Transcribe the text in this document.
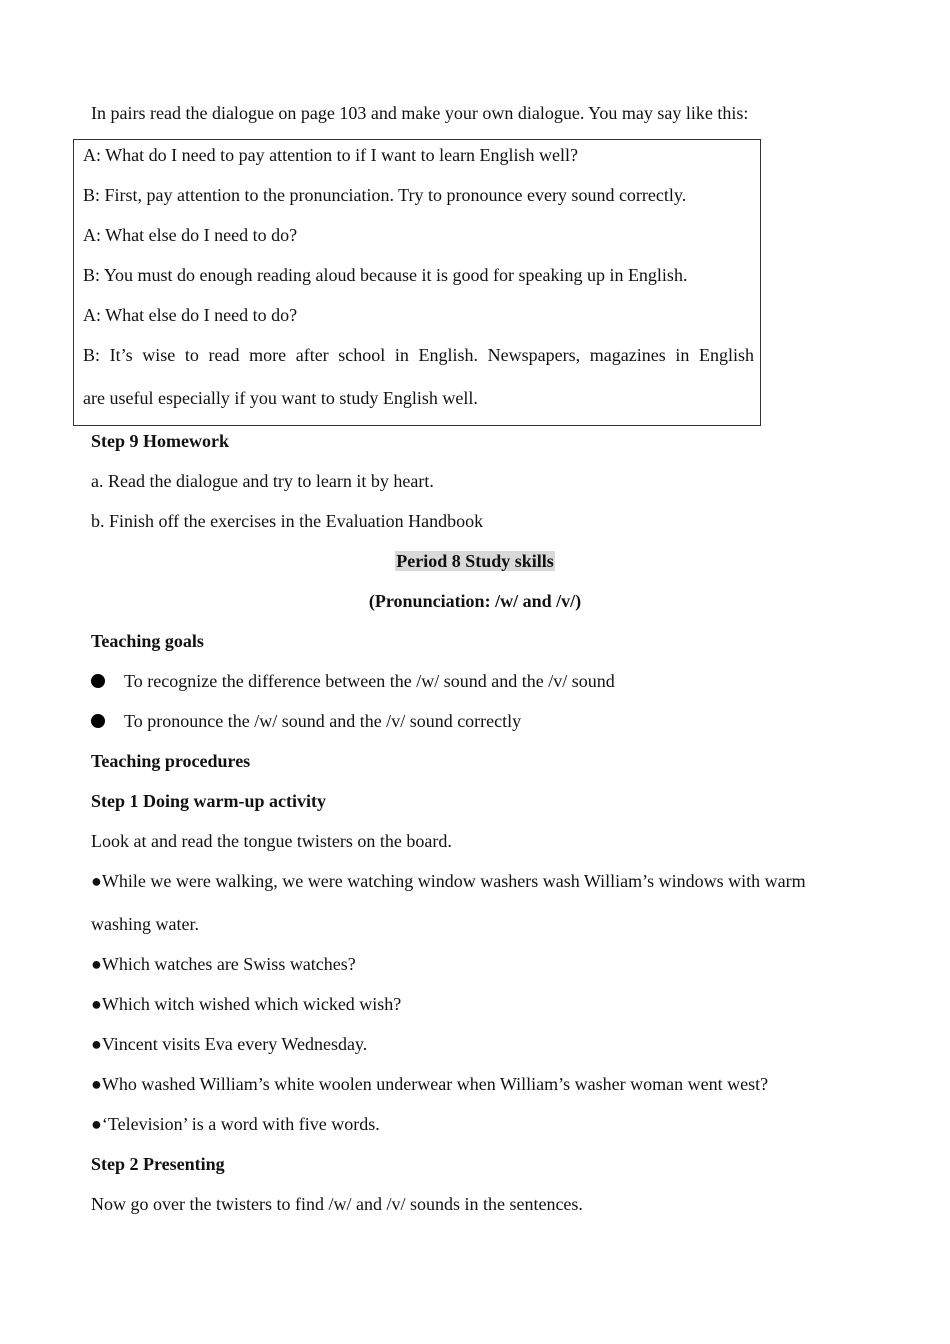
In pairs read the dialogue on page 103 and make your own dialogue. You may say like this:
A: What do I need to pay attention to if I want to learn English well?
B: First, pay attention to the pronunciation. Try to pronounce every sound correctly.
A: What else do I need to do?
B: You must do enough reading aloud because it is good for speaking up in English.
A: What else do I need to do?
B: It’s wise to read more after school in English. Newspapers, magazines in English
are useful especially if you want to study English well.
Step 9 Homework
a. Read the dialogue and try to learn it by heart.
b. Finish off the exercises in the Evaluation Handbook
Period 8 Study skills
(Pronunciation: /w/ and /v/)
Teaching goals
To recognize the difference between the /w/ sound and the /v/ sound
To pronounce the /w/ sound and the /v/ sound correctly
Teaching procedures
Step 1 Doing warm-up activity
Look at and read the tongue twisters on the board.
●While we were walking, we were watching window washers wash William’s windows with warm
washing water.
●Which watches are Swiss watches?
●Which witch wished which wicked wish?
●Vincent visits Eva every Wednesday.
●Who washed William’s white woolen underwear when William’s washer woman went west?
●‘Television’ is a word with five words.
Step 2 Presenting
Now go over the twisters to find /w/ and /v/ sounds in the sentences.
